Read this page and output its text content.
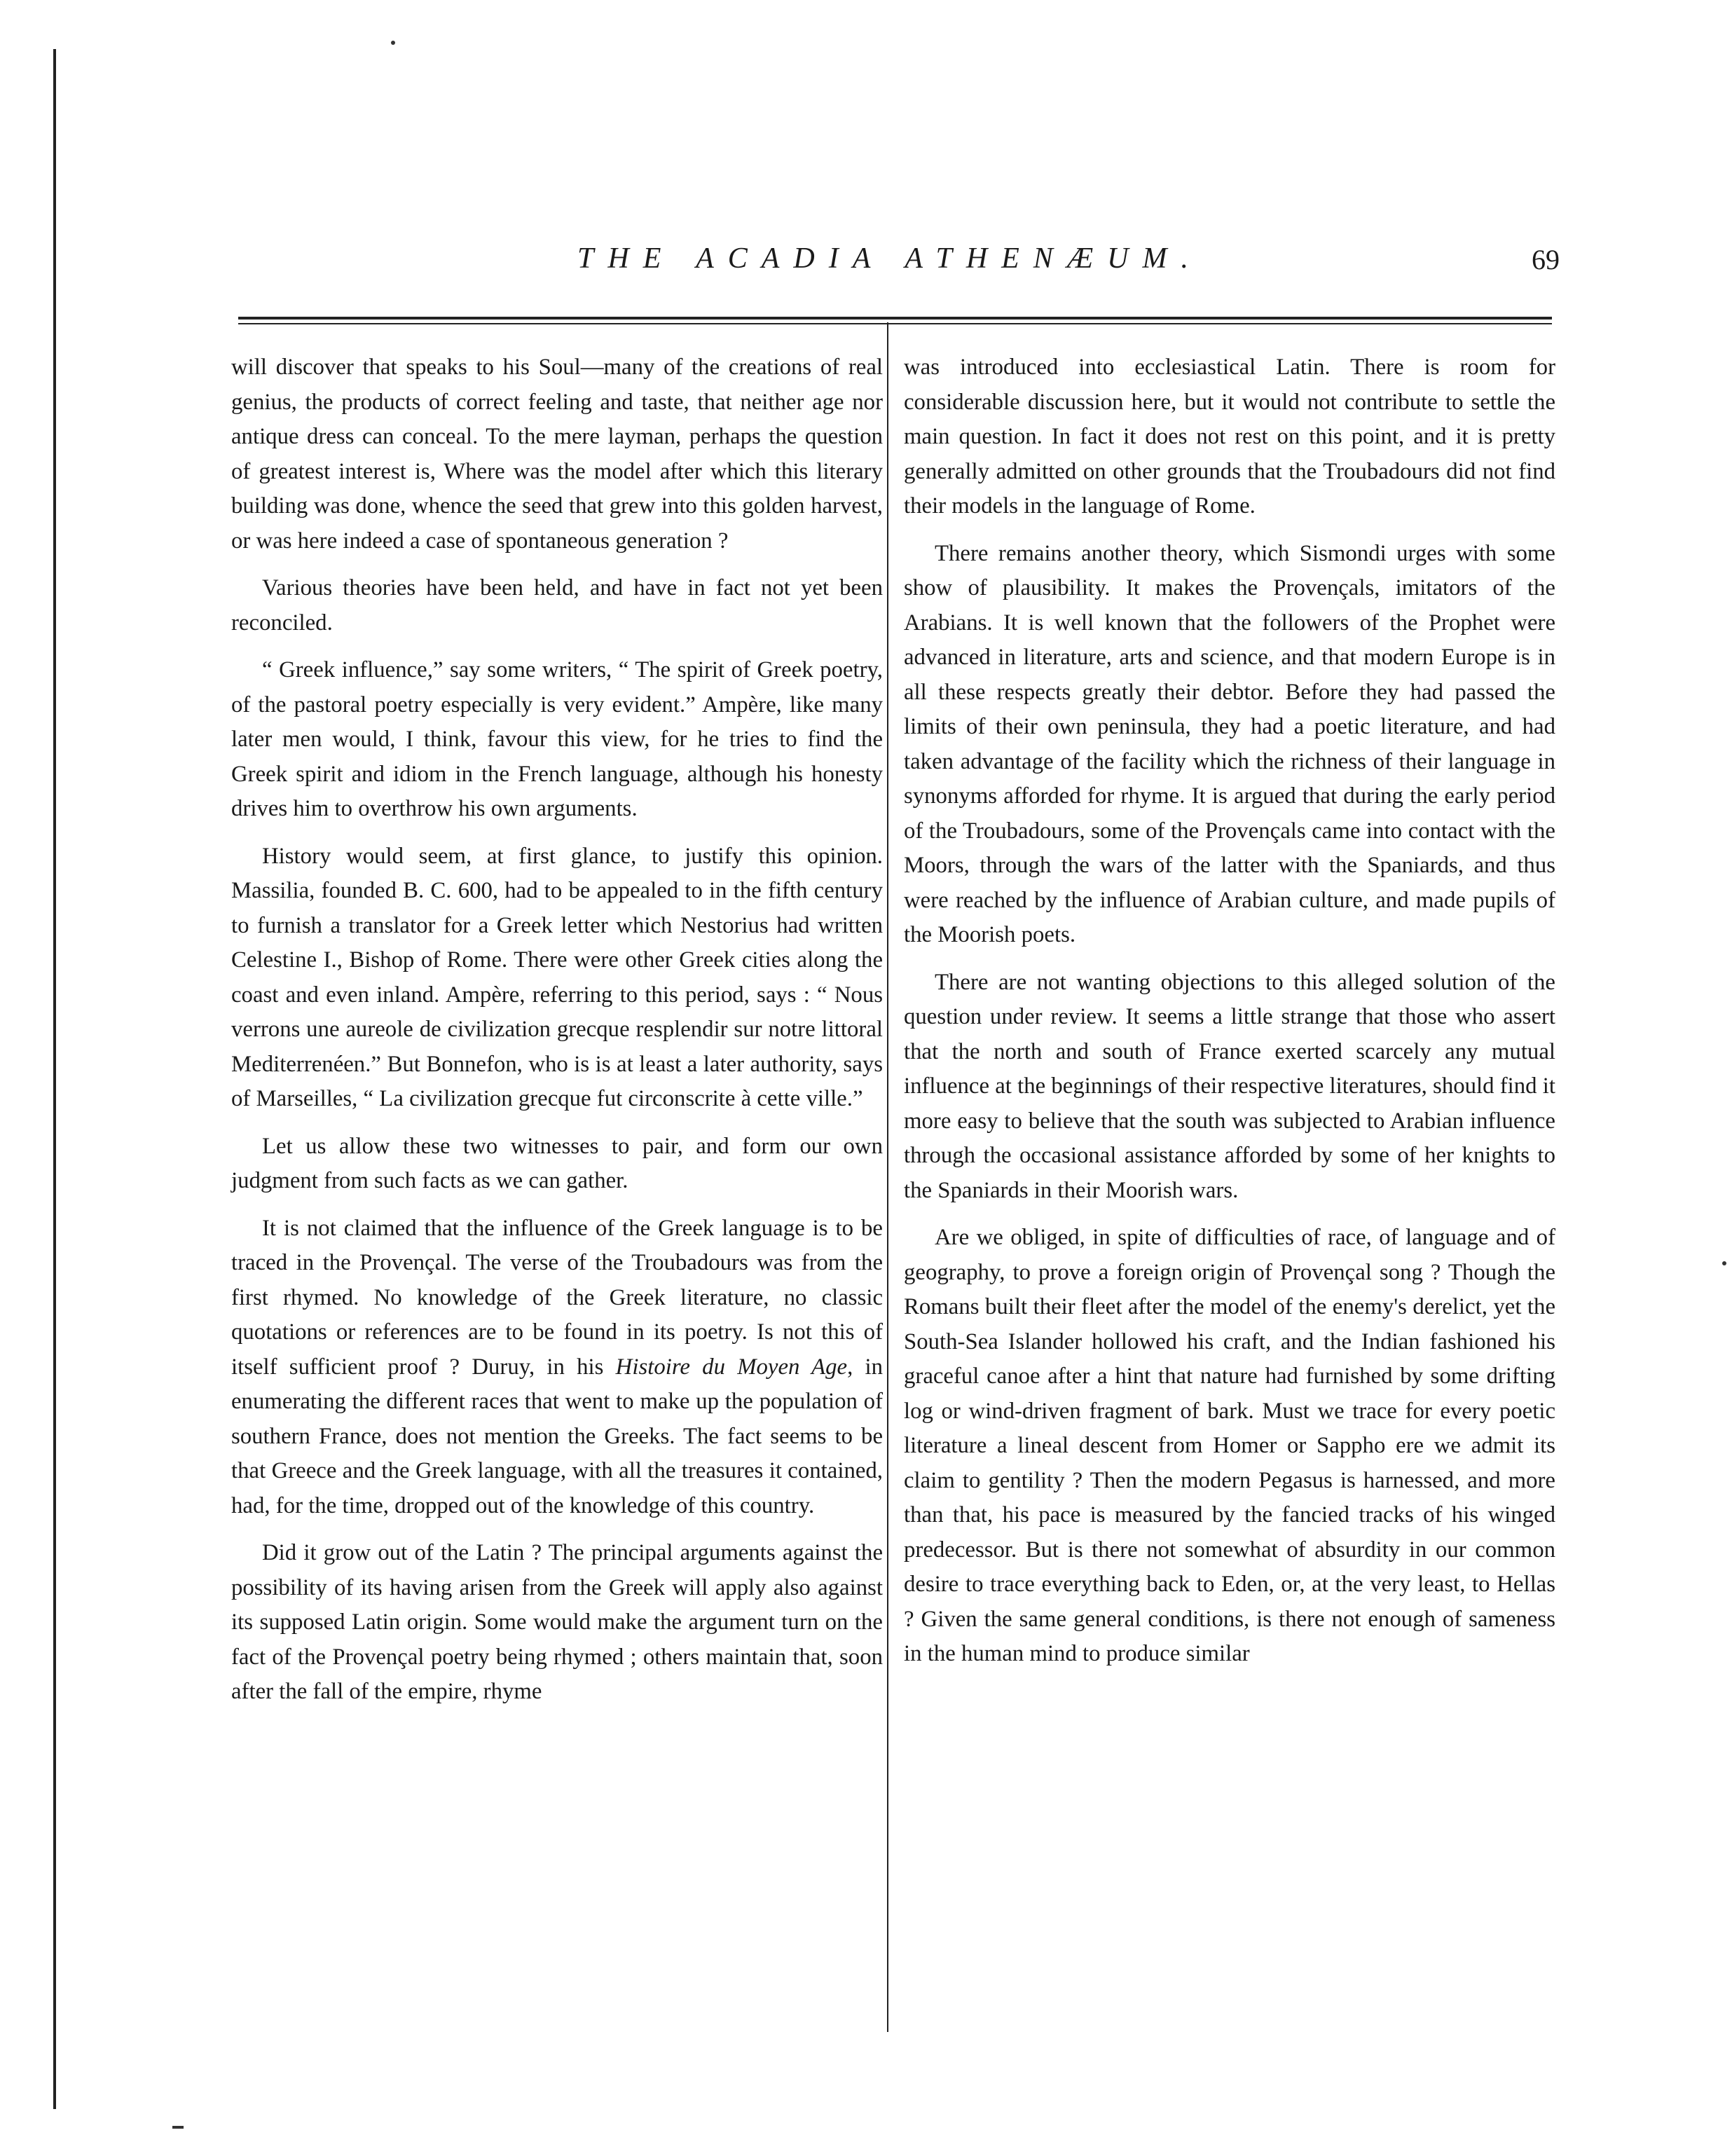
THE ACADIA ATHENÆUM.	69

will discover that speaks to his Soul—many of the creations of real genius, the products of correct feeling and taste, that neither age nor antique dress can conceal. To the mere layman, perhaps the question of greatest interest is, Where was the model after which this literary building was done, whence the seed that grew into this golden harvest, or was here indeed a case of spontaneous generation ?

Various theories have been held, and have in fact not yet been reconciled.

“ Greek influence,” say some writers, “ The spirit of Greek poetry, of the pastoral poetry especially is very evident.” Ampère, like many later men would, I think, favour this view, for he tries to find the Greek spirit and idiom in the French language, although his honesty drives him to overthrow his own arguments.

History would seem, at first glance, to justify this opinion. Massilia, founded B. C. 600, had to be appealed to in the fifth century to furnish a translator for a Greek letter which Nestorius had written Celestine I., Bishop of Rome. There were other Greek cities along the coast and even inland. Ampère, referring to this period, says : “ Nous verrons une aureole de civilization grecque resplendir sur notre littoral Mediterrenéen.” But Bonnefon, who is is at least a later authority, says of Marseilles, “ La civilization grecque fut circonscrite à cette ville.”

Let us allow these two witnesses to pair, and form our own judgment from such facts as we can gather.

It is not claimed that the influence of the Greek language is to be traced in the Provençal. The verse of the Troubadours was from the first rhymed. No knowledge of the Greek literature, no classic quotations or references are to be found in its poetry. Is not this of itself sufficient proof ? Duruy, in his Histoire du Moyen Age, in enumerating the different races that went to make up the population of southern France, does not mention the Greeks. The fact seems to be that Greece and the Greek language, with all the treasures it contained, had, for the time, dropped out of the knowledge of this country.

Did it grow out of the Latin ? The principal arguments against the possibility of its having arisen from the Greek will apply also against its supposed Latin origin. Some would make the argument turn on the fact of the Provençal poetry being rhymed ; others maintain that, soon after the fall of the empire, rhyme

was introduced into ecclesiastical Latin. There is room for considerable discussion here, but it would not contribute to settle the main question. In fact it does not rest on this point, and it is pretty generally admitted on other grounds that the Troubadours did not find their models in the language of Rome.

There remains another theory, which Sismondi urges with some show of plausibility. It makes the Provençals, imitators of the Arabians. It is well known that the followers of the Prophet were advanced in literature, arts and science, and that modern Europe is in all these respects greatly their debtor. Before they had passed the limits of their own peninsula, they had a poetic literature, and had taken advantage of the facility which the richness of their language in synonyms afforded for rhyme. It is argued that during the early period of the Troubadours, some of the Provençals came into contact with the Moors, through the wars of the latter with the Spaniards, and thus were reached by the influence of Arabian culture, and made pupils of the Moorish poets.

There are not wanting objections to this alleged solution of the question under review. It seems a little strange that those who assert that the north and south of France exerted scarcely any mutual influence at the beginnings of their respective literatures, should find it more easy to believe that the south was subjected to Arabian influence through the occasional assistance afforded by some of her knights to the Spaniards in their Moorish wars.

Are we obliged, in spite of difficulties of race, of language and of geography, to prove a foreign origin of Provençal song ? Though the Romans built their fleet after the model of the enemy's derelict, yet the South-Sea Islander hollowed his craft, and the Indian fashioned his graceful canoe after a hint that nature had furnished by some drifting log or wind-driven fragment of bark. Must we trace for every poetic literature a lineal descent from Homer or Sappho ere we admit its claim to gentility ? Then the modern Pegasus is harnessed, and more than that, his pace is measured by the fancied tracks of his winged predecessor. But is there not somewhat of absurdity in our common desire to trace everything back to Eden, or, at the very least, to Hellas ? Given the same general conditions, is there not enough of sameness in the human mind to produce similar
